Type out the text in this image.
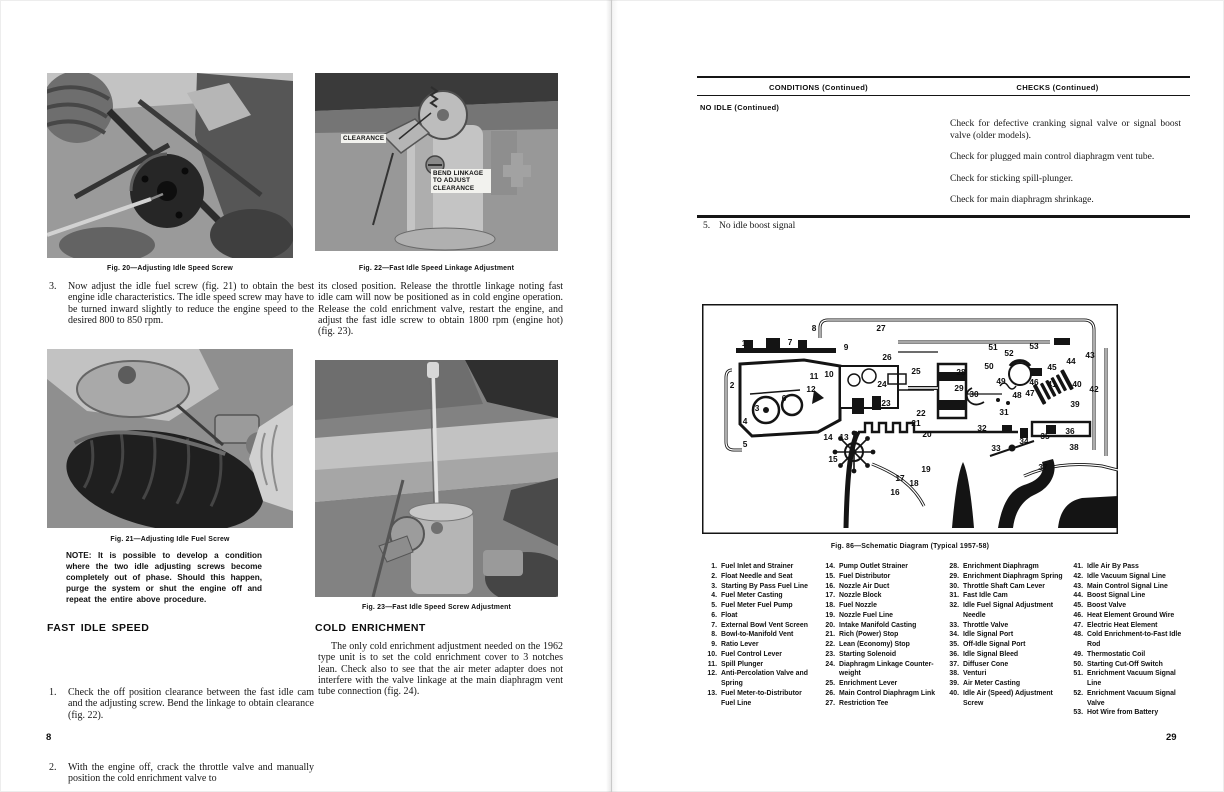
Fig. 20—Adjusting Idle Speed Screw
3. Now adjust the idle fuel screw (fig. 21) to obtain the best engine idle characteristics. The idle speed screw may have to be turned inward slightly to reduce the engine speed to the desired 800 to 850 rpm.
Fig. 21—Adjusting Idle Fuel Screw
NOTE: It is possible to develop a condition where the two idle adjusting screws become completely out of phase. Should this happen, purge the system or shut the engine off and repeat the entire above procedure.
FAST IDLE SPEED
1. Check the off position clearance between the fast idle cam and the adjusting screw. Bend the linkage to obtain clearance (fig. 22).
2. With the engine off, crack the throttle valve and manually position the cold enrichment valve to
CLEARANCE
BEND LINKAGE TO ADJUST CLEARANCE
Fig. 22—Fast Idle Speed Linkage Adjustment
its closed position. Release the throttle linkage noting fast idle cam will now be positioned as in cold engine operation. Release the cold enrichment valve, restart the engine, and adjust the fast idle screw to obtain 1800 rpm (engine hot) (fig. 23).
Fig. 23—Fast Idle Speed Screw Adjustment
COLD ENRICHMENT
The only cold enrichment adjustment needed on the 1962 type unit is to set the cold enrichment cover to 3 notches lean. Check also to see that the air meter adapter does not interfere with the valve linkage at the main diaphragm vent tube connection (fig. 24).
8
CONDITIONS (Continued)	CHECKS (Continued)
NO IDLE (Continued)
5. No idle boost signal

Check for defective cranking signal valve or signal boost valve (older models).

Check for plugged main control diaphragm vent tube.

Check for sticking spill-plunger.

Check for main diaphragm shrinkage.

1
2
3
4
5
6
7
8
9
10
11
12
13
14
15
16
17 18
19
20
21
22
23
24
25
26
27
28
29
30
31
32
33
34 35 36
37
38
39
40
41	42
43
44
45
46
47
48
49
50
51
52
53
Fig. 86—Schematic Diagram (Typical 1957-58)
1. Fuel Inlet and Strainer
2. Float Needle and Seat
3. Starting By Pass Fuel Line
4. Fuel Meter Casting
5. Fuel Meter Fuel Pump
6. Float
7. External Bowl Vent Screen
8. Bowl-to-Manifold Vent
9. Ratio Lever
10. Fuel Control Lever
11. Spill Plunger
12. Anti-Percolation Valve and Spring
13. Fuel Meter-to-Distributor Fuel Line
14. Pump Outlet Strainer
15. Fuel Distributor
16. Nozzle Air Duct
17. Nozzle Block
18. Fuel Nozzle
19. Nozzle Fuel Line
20. Intake Manifold Casting
21. Rich (Power) Stop
22. Lean (Economy) Stop
23. Starting Solenoid
24. Diaphragm Linkage Counter-weight
25. Enrichment Lever
26. Main Control Diaphragm Link
27. Restriction Tee
28. Enrichment Diaphragm
29. Enrichment Diaphragm Spring
30. Throttle Shaft Cam Lever
31. Fast Idle Cam
32. Idle Fuel Signal Adjustment Needle
33. Throttle Valve
34. Idle Signal Port
35. Off-Idle Signal Port
36. Idle Signal Bleed
37. Diffuser Cone
38. Venturi
39. Air Meter Casting
40. Idle Air (Speed) Adjustment Screw
41. Idle Air By Pass
42. Idle Vacuum Signal Line
43. Main Control Signal Line
44. Boost Signal Line
45. Boost Valve
46. Heat Element Ground Wire
47. Electric Heat Element
48. Cold Enrichment-to-Fast Idle Rod
49. Thermostatic Coil
50. Starting Cut-Off Switch
51. Enrichment Vacuum Signal Line
52. Enrichment Vacuum Signal Valve
53. Hot Wire from Battery
29
